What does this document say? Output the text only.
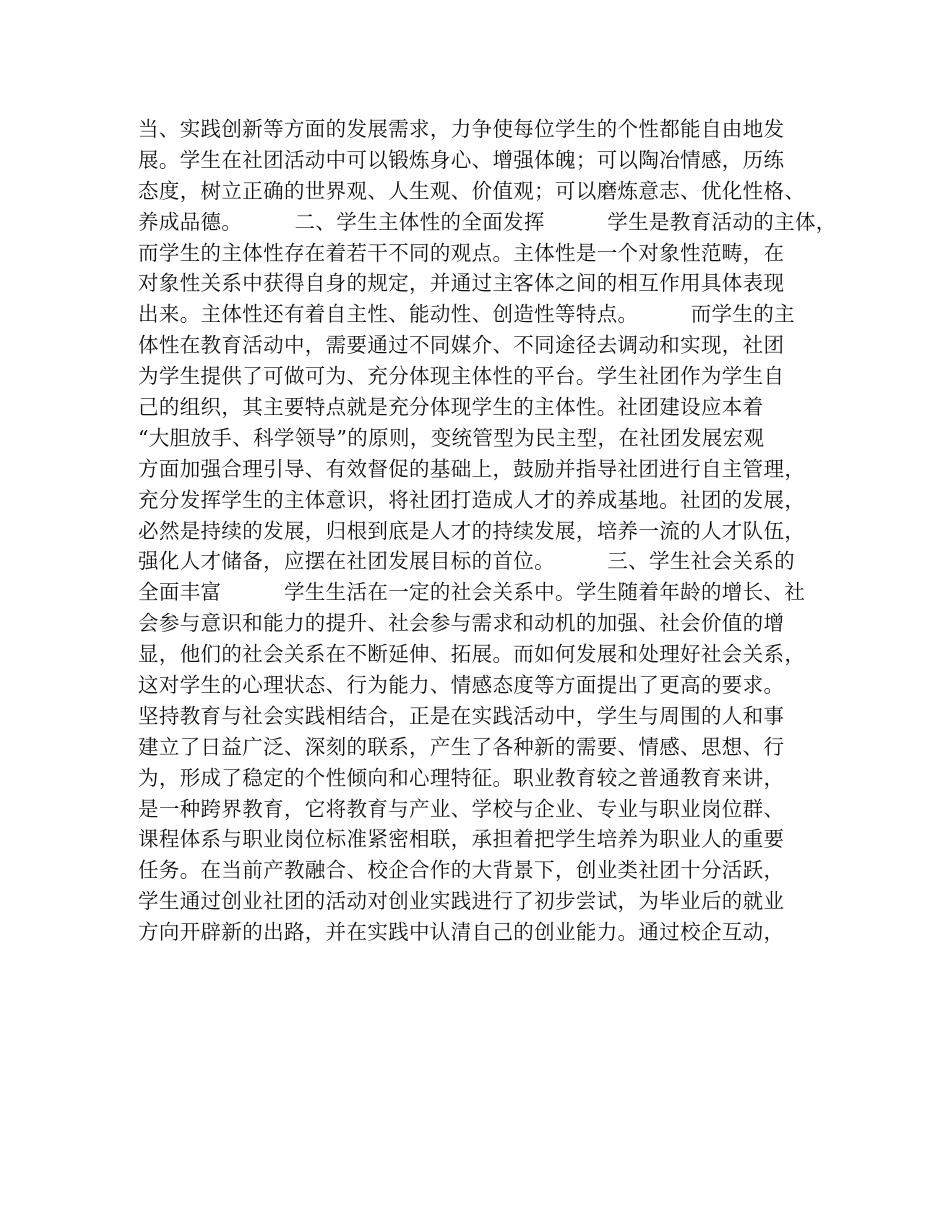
当、实践创新等方面的发展需求，力争使每位学生的个性都能自由地发
展。学生在社团活动中可以锻炼身心、增强体魄；可以陶冶情感，历练
态度，树立正确的世界观、人生观、价值观；可以磨炼意志、优化性格、
养成品德。　　　二、学生主体性的全面发挥　　　学生是教育活动的主体，
而学生的主体性存在着若干不同的观点。主体性是一个对象性范畴，在
对象性关系中获得自身的规定，并通过主客体之间的相互作用具体表现
出来。主体性还有着自主性、能动性、创造性等特点。　　　而学生的主
体性在教育活动中，需要通过不同媒介、不同途径去调动和实现，社团
为学生提供了可做可为、充分体现主体性的平台。学生社团作为学生自
己的组织，其主要特点就是充分体现学生的主体性。社团建设应本着
“大胆放手、科学领导”的原则，变统管型为民主型，在社团发展宏观
方面加强合理引导、有效督促的基础上，鼓励并指导社团进行自主管理，
充分发挥学生的主体意识，将社团打造成人才的养成基地。社团的发展，
必然是持续的发展，归根到底是人才的持续发展，培养一流的人才队伍，
强化人才储备，应摆在社团发展目标的首位。　　　三、学生社会关系的
全面丰富　　　学生生活在一定的社会关系中。学生随着年龄的增长、社
会参与意识和能力的提升、社会参与需求和动机的加强、社会价值的增
显，他们的社会关系在不断延伸、拓展。而如何发展和处理好社会关系，
这对学生的心理状态、行为能力、情感态度等方面提出了更高的要求。
坚持教育与社会实践相结合，正是在实践活动中，学生与周围的人和事
建立了日益广泛、深刻的联系，产生了各种新的需要、情感、思想、行
为，形成了稳定的个性倾向和心理特征。职业教育较之普通教育来讲，
是一种跨界教育，它将教育与产业、学校与企业、专业与职业岗位群、
课程体系与职业岗位标准紧密相联，承担着把学生培养为职业人的重要
任务。在当前产教融合、校企合作的大背景下，创业类社团十分活跃，
学生通过创业社团的活动对创业实践进行了初步尝试，为毕业后的就业
方向开辟新的出路，并在实践中认清自己的创业能力。通过校企互动，
